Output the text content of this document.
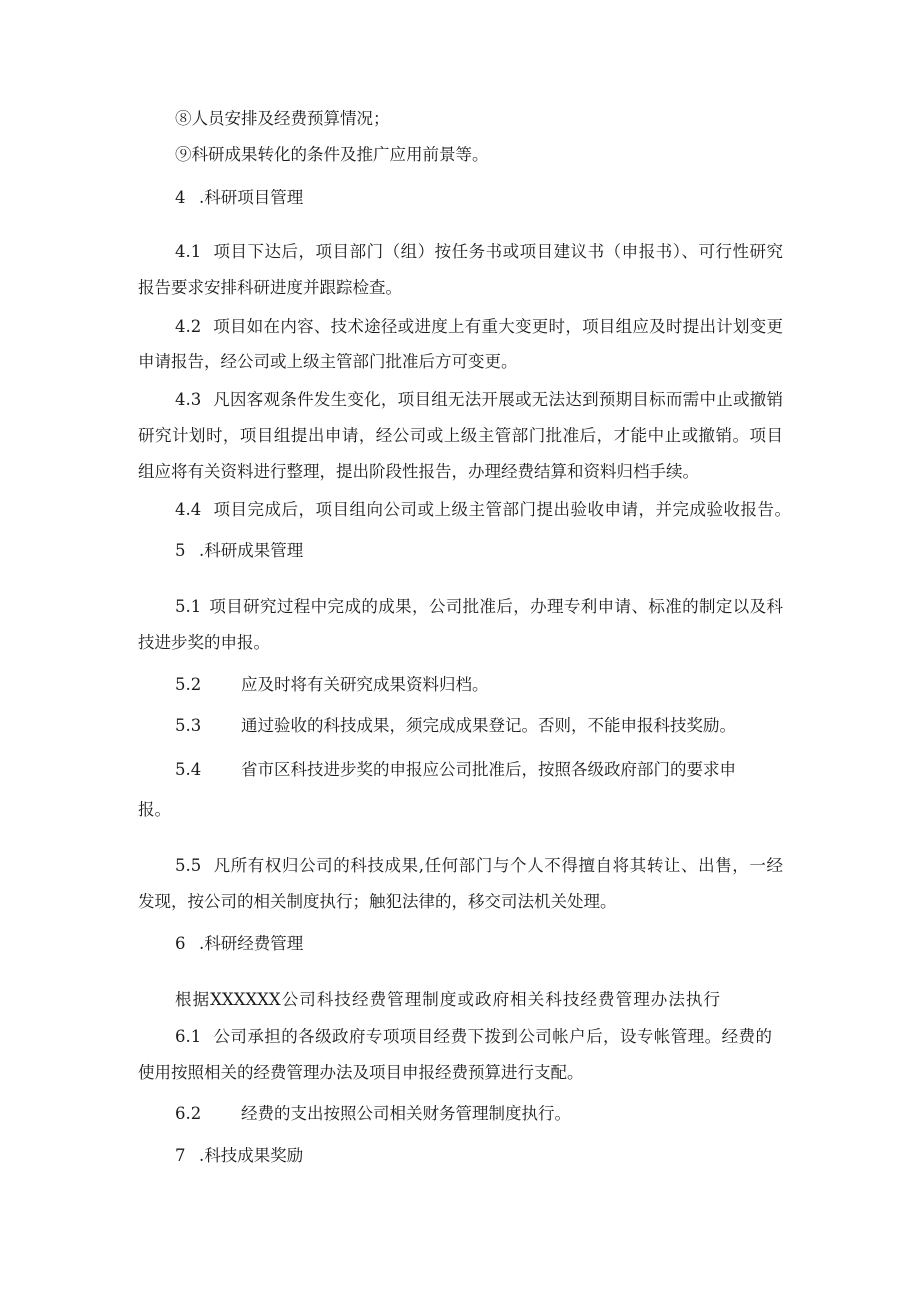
⑧人员安排及经费预算情况；
⑨科研成果转化的条件及推广应用前景等。
4 .科研项目管理
4.1 项目下达后，项目部门（组）按任务书或项目建议书（申报书）、可行性研究
报告要求安排科研进度并跟踪检查。
4.2 项目如在内容、技术途径或进度上有重大变更时，项目组应及时提出计划变更
申请报告，经公司或上级主管部门批准后方可变更。
4.3 凡因客观条件发生变化，项目组无法开展或无法达到预期目标而需中止或撤销
研究计划时，项目组提出申请，经公司或上级主管部门批准后，才能中止或撤销。项目
组应将有关资料进行整理，提出阶段性报告，办理经费结算和资料归档手续。
4.4 项目完成后，项目组向公司或上级主管部门提出验收申请，并完成验收报告。
5 .科研成果管理
5.1 项目研究过程中完成的成果，公司批准后，办理专利申请、标准的制定以及科
技进步奖的申报。
5.2 应及时将有关研究成果资料归档。
5.3 通过验收的科技成果，须完成成果登记。否则，不能申报科技奖励。
5.4 省市区科技进步奖的申报应公司批准后，按照各级政府部门的要求申
报。
5.5 凡所有权归公司的科技成果,任何部门与个人不得擅自将其转让、出售，一经
发现，按公司的相关制度执行；触犯法律的，移交司法机关处理。
6 .科研经费管理
根据XXXXXX公司科技经费管理制度或政府相关科技经费管理办法执行
6.1 公司承担的各级政府专项项目经费下拨到公司帐户后，设专帐管理。经费的
使用按照相关的经费管理办法及项目申报经费预算进行支配。
6.2 经费的支出按照公司相关财务管理制度执行。
7 .科技成果奖励
